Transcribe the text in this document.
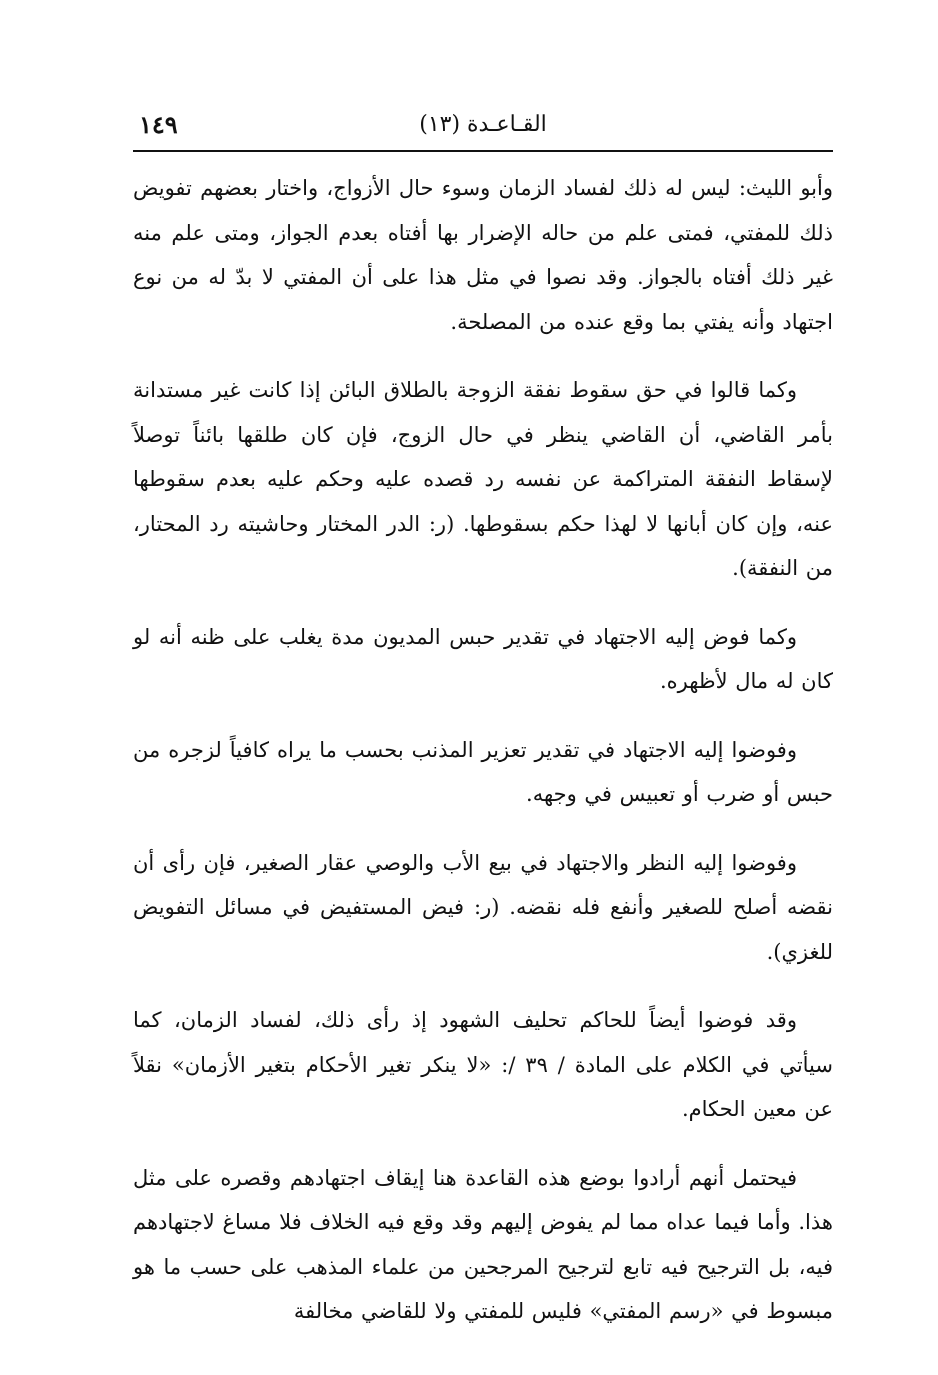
القـاعـدة (١٣)
١٤٩

وأبو الليث: ليس له ذلك لفساد الزمان وسوء حال الأزواج، واختار بعضهم تفويض ذلك للمفتي، فمتى علم من حاله الإضرار بها أفتاه بعدم الجواز، ومتى علم منه غير ذلك أفتاه بالجواز. وقد نصوا في مثل هذا على أن المفتي لا بدّ له من نوع اجتهاد وأنه يفتي بما وقع عنده من المصلحة.

وكما قالوا في حق سقوط نفقة الزوجة بالطلاق البائن إذا كانت غير مستدانة بأمر القاضي، أن القاضي ينظر في حال الزوج، فإن كان طلقها بائناً توصلاً لإسقاط النفقة المتراكمة عن نفسه رد قصده عليه وحكم عليه بعدم سقوطها عنه، وإن كان أبانها لا لهذا حكم بسقوطها. (ر: الدر المختار وحاشيته رد المحتار، من النفقة).

وكما فوض إليه الاجتهاد في تقدير حبس المديون مدة يغلب على ظنه أنه لو كان له مال لأظهره.

وفوضوا إليه الاجتهاد في تقدير تعزير المذنب بحسب ما يراه كافياً لزجره من حبس أو ضرب أو تعبيس في وجهه.

وفوضوا إليه النظر والاجتهاد في بيع الأب والوصي عقار الصغير، فإن رأى أن نقضه أصلح للصغير وأنفع فله نقضه. (ر: فيض المستفيض في مسائل التفويض للغزي).

وقد فوضوا أيضاً للحاكم تحليف الشهود إذ رأى ذلك، لفساد الزمان، كما سيأتي في الكلام على المادة / ٣٩ /: «لا ينكر تغير الأحكام بتغير الأزمان» نقلاً عن معين الحكام.

فيحتمل أنهم أرادوا بوضع هذه القاعدة هنا إيقاف اجتهادهم وقصره على مثل هذا. وأما فيما عداه مما لم يفوض إليهم وقد وقع فيه الخلاف فلا مساغ لاجتهادهم فيه، بل الترجيح فيه تابع لترجيح المرجحين من علماء المذهب على حسب ما هو مبسوط في «رسم المفتي» فليس للمفتي ولا للقاضي مخالفة
